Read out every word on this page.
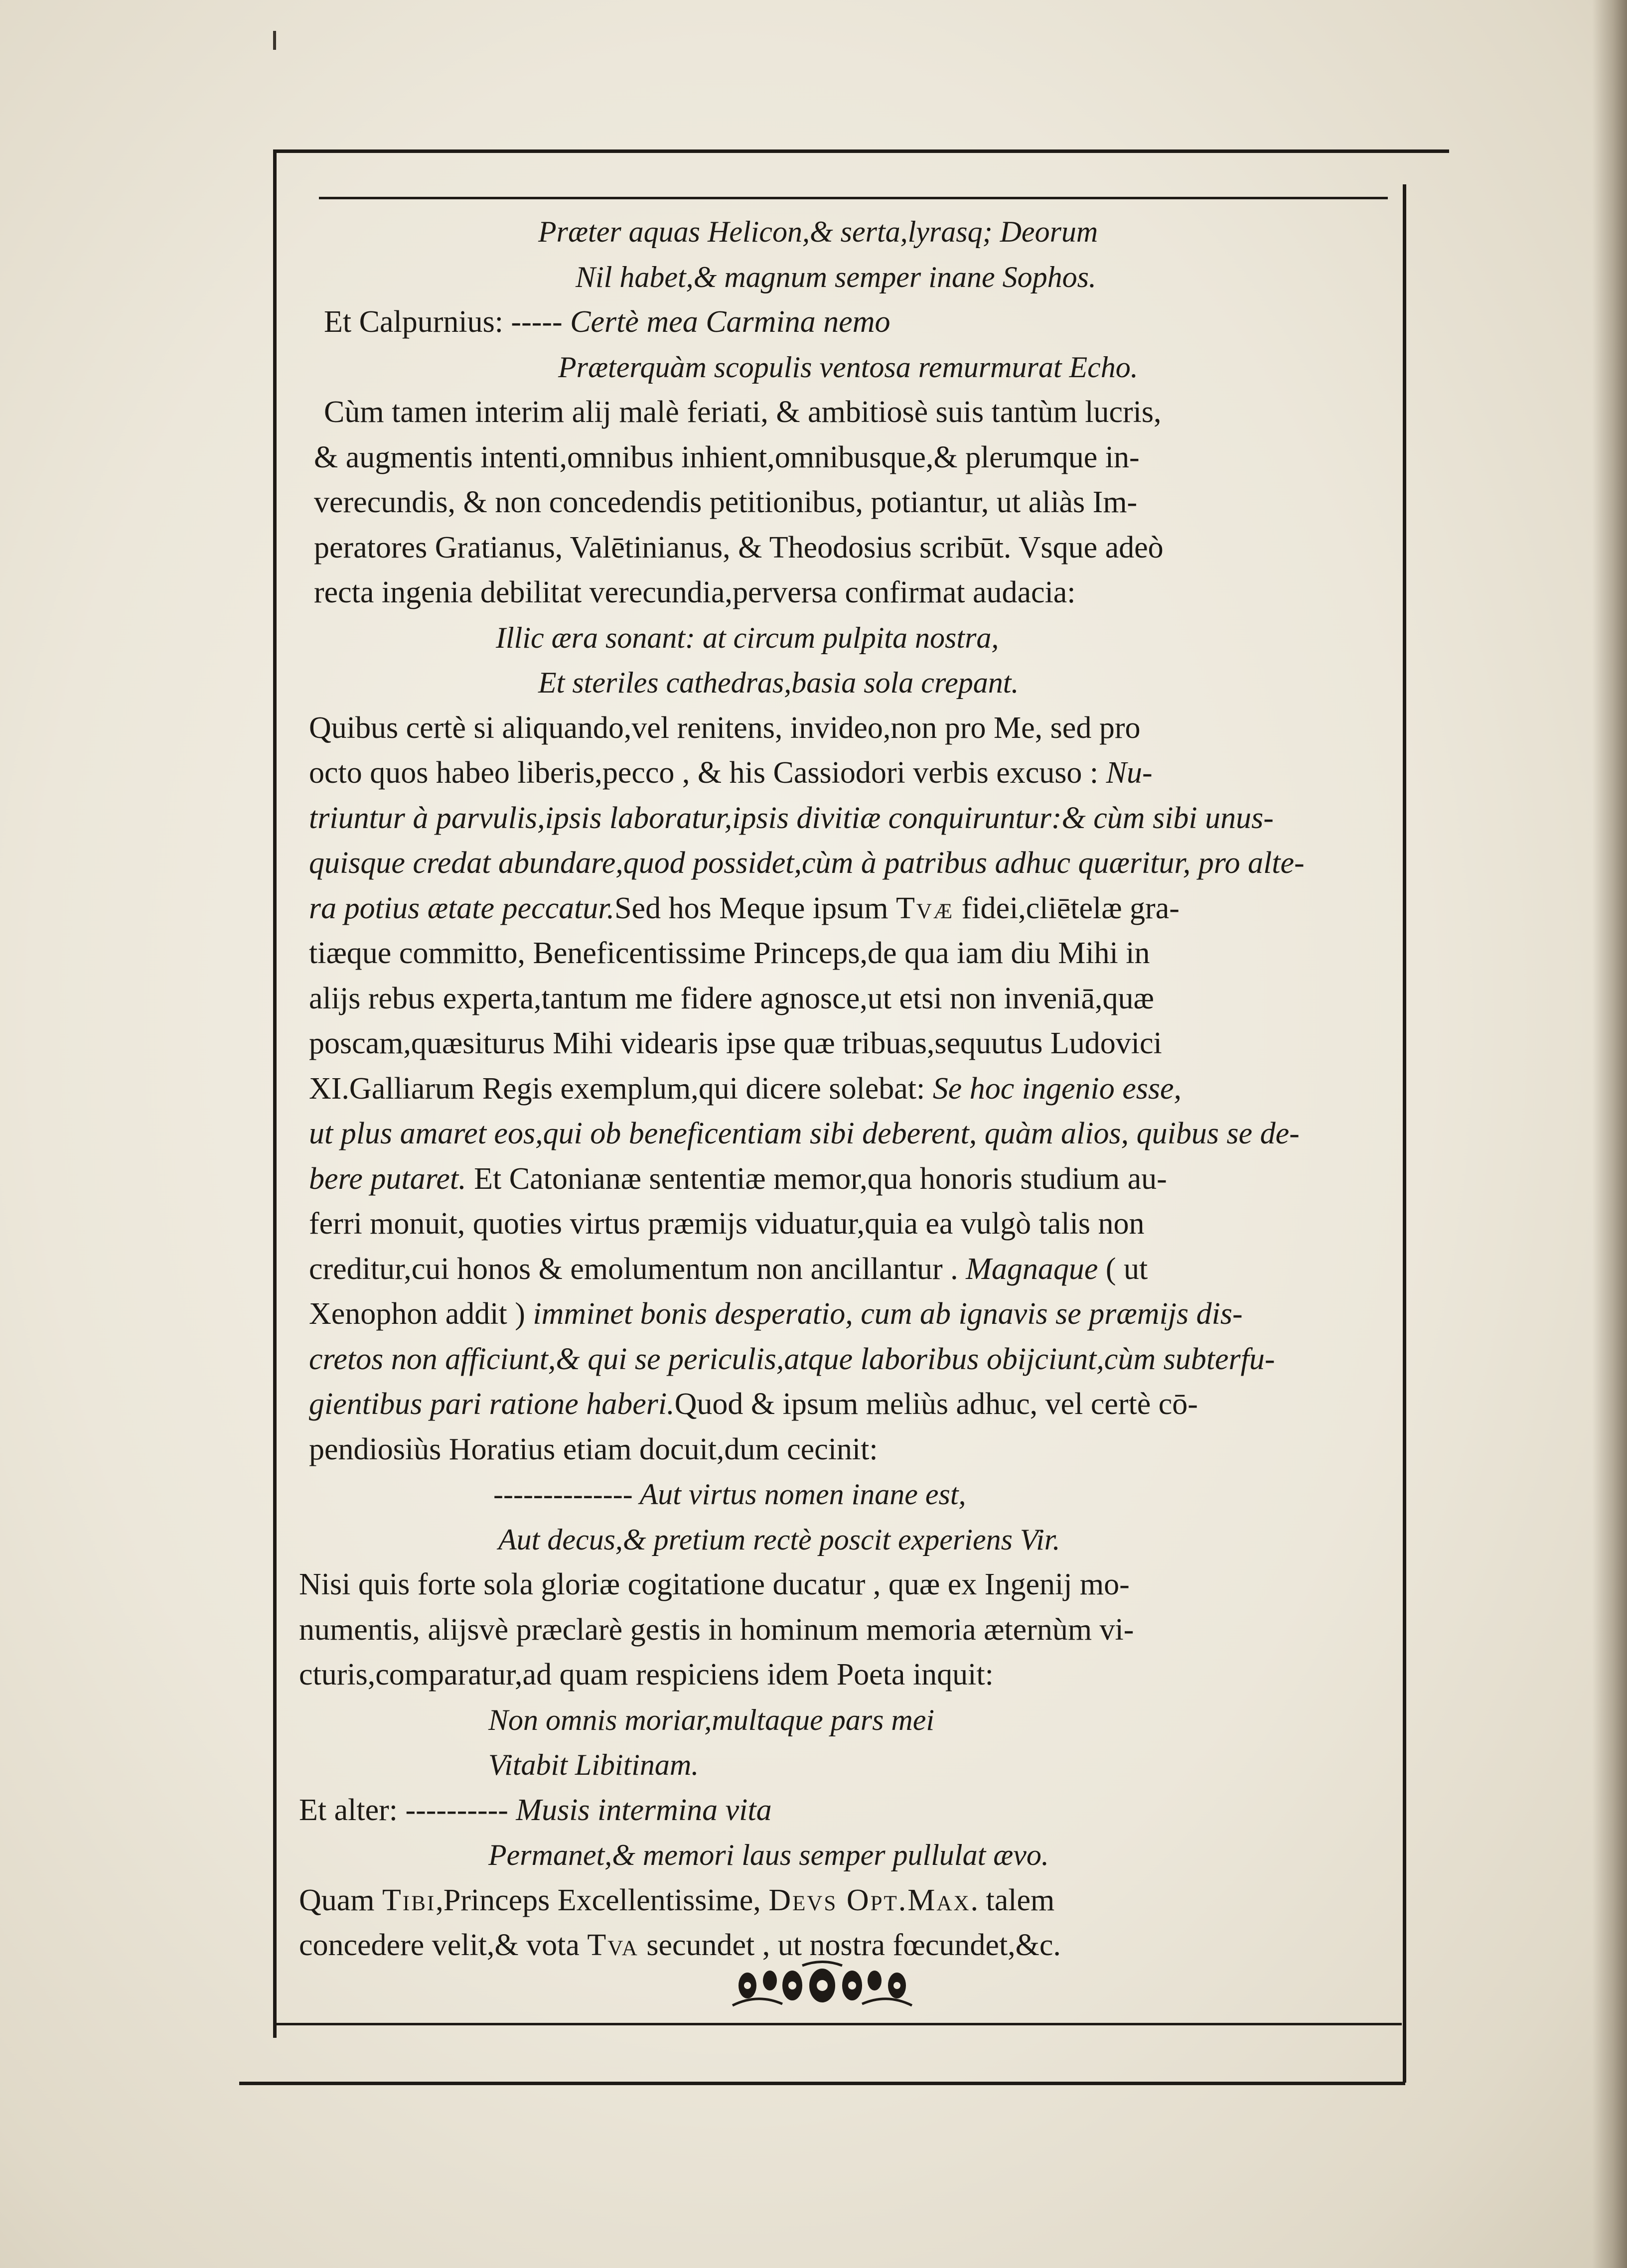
Præter aquas Helicon,& serta,lyrasq; Deorum
Nil habet,& magnum semper inane Sophos.
Et Calpurnius: ----- Certè mea Carmina nemo
Præterquàm scopulis ventosa remurmurat Echo.
Cùm tamen interim alij malè feriati, & ambitiosè suis tantùm lucris,
& augmentis intenti,omnibus inhient,omnibusque,& plerumque in-
verecundis, & non concedendis petitionibus, potiantur, ut aliàs Im-
peratores Gratianus, Valētinianus, & Theodosius scribūt. Vsque adeò
recta ingenia debilitat verecundia,perversa confirmat audacia:
Illic æra sonant: at circum pulpita nostra,
Et steriles cathedras,basia sola crepant.
Quibus certè si aliquando,vel renitens, invideo,non pro Me, sed pro
octo quos habeo liberis,pecco , & his Cassiodori verbis excuso : Nu-
triuntur à parvulis,ipsis laboratur,ipsis divitiæ conquiruntur:& cùm sibi unus-
quisque credat abundare,quod possidet,cùm à patribus adhuc quæritur, pro alte-
ra potius ætate peccatur.Sed hos Meque ipsum Tvæ fidei,cliētelæ gra-
tiæque committo, Beneficentissime Princeps,de qua iam diu Mihi in
alijs rebus experta,tantum me fidere agnosce,ut etsi non inveniā,quæ
poscam,quæsiturus Mihi videaris ipse quæ tribuas,sequutus Ludovici
XI.Galliarum Regis exemplum,qui dicere solebat: Se hoc ingenio esse,
ut plus amaret eos,qui ob beneficentiam sibi deberent, quàm alios, quibus se de-
bere putaret. Et Catonianæ sententiæ memor,qua honoris studium au-
ferri monuit, quoties virtus præmijs viduatur,quia ea vulgò talis non
creditur,cui honos & emolumentum non ancillantur . Magnaque ( ut
Xenophon addit ) imminet bonis desperatio, cum ab ignavis se præmijs dis-
cretos non afficiunt,& qui se periculis,atque laboribus obijciunt,cùm subterfu-
gientibus pari ratione haberi.Quod & ipsum meliùs adhuc, vel certè cō-
pendiosiùs Horatius etiam docuit,dum cecinit:
-------------- Aut virtus nomen inane est,
Aut decus,& pretium rectè poscit experiens Vir.
Nisi quis forte sola gloriæ cogitatione ducatur , quæ ex Ingenij mo-
numentis, alijsvè præclarè gestis in hominum memoria æternùm vi-
cturis,comparatur,ad quam respiciens idem Poeta inquit:
Non omnis moriar,multaque pars mei
Vitabit Libitinam.
Et alter: ---------- Musis intermina vita
Permanet,& memori laus semper pullulat ævo.
Quam Tibi,Princeps Excellentissime, Devs Opt.Max. talem
concedere velit,& vota Tva secundet , ut nostra fœcundet,&c.
